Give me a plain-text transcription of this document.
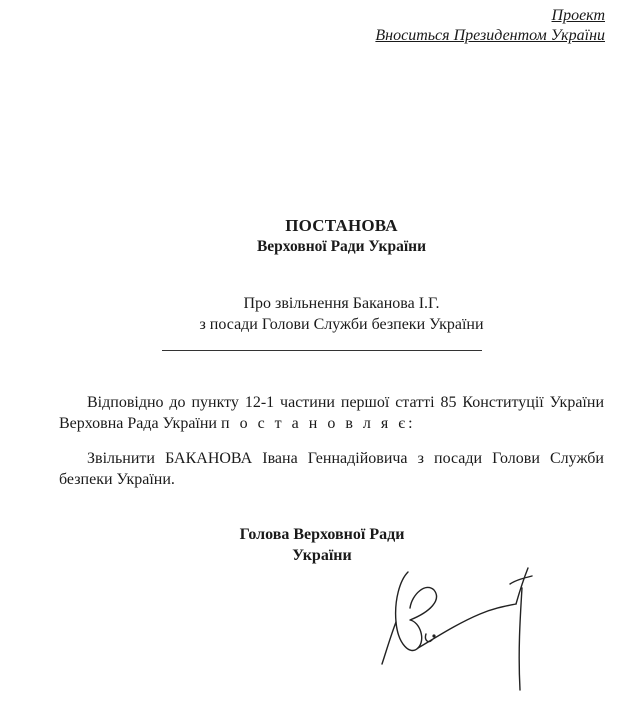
Проект
Вноситься Президентом України
ПОСТАНОВА
Верховної Ради України
Про звільнення Баканова І.Г.
з посади Голови Служби безпеки України
Відповідно до пункту 12-1 частини першої статті 85 Конституції України Верховна Рада України п о с т а н о в л я є:
Звільнити БАКАНОВА Івана Геннадійовича з посади Голови Служби безпеки України.
Голова Верховної Ради
України
